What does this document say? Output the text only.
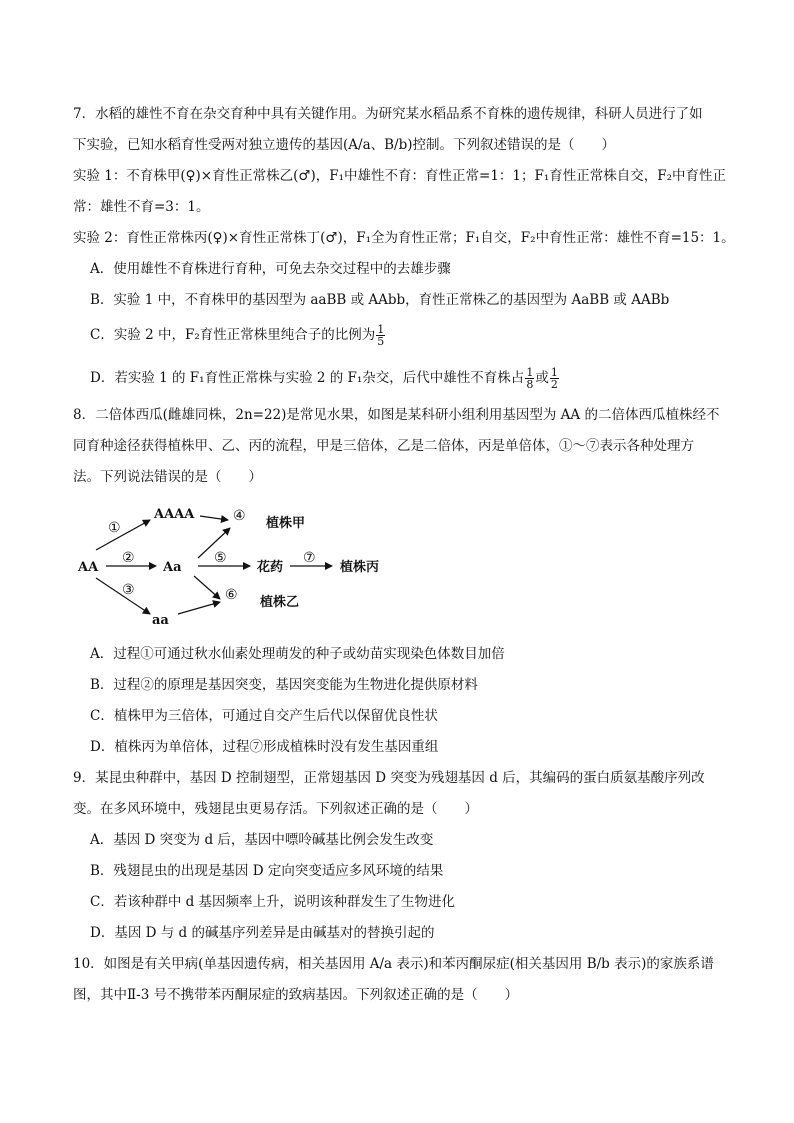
7．水稻的雄性不育在杂交育种中具有关键作用。为研究某水稻品系不育株的遗传规律，科研人员进行了如
下实验，已知水稻育性受两对独立遗传的基因(A/a、B/b)控制。下列叙述错误的是（　　）
实验 1：不育株甲(♀)×育性正常株乙(♂)，F₁中雄性不育：育性正常=1：1；F₁育性正常株自交，F₂中育性正
常：雄性不育=3：1。
实验 2：育性正常株丙(♀)×育性正常株丁(♂)，F₁全为育性正常；F₁自交，F₂中育性正常：雄性不育=15：1。
A．使用雄性不育株进行育种，可免去杂交过程中的去雄步骤
B．实验 1 中，不育株甲的基因型为 aaBB 或 AAbb，育性正常株乙的基因型为 AaBB 或 AABb
C．实验 2 中，F₂育性正常株里纯合子的比例为 $\frac{1}{5}$
D．若实验 1 的 F₁育性正常株与实验 2 的 F₁杂交，后代中雄性不育株占 $\frac{1}{8}$ 或 $\frac{1}{2}$
8．二倍体西瓜(雌雄同株，2n=22)是常见水果，如图是某科研小组利用基因型为 AA 的二倍体西瓜植株经不
同育种途径获得植株甲、乙、丙的流程，甲是三倍体，乙是二倍体，丙是单倍体，①～⑦表示各种处理方
法。下列说法错误的是（　　）
AA
AAAA
Aa
aa
花药
植株甲
植株丙
植株乙
①
②
③
④
⑤
⑥
⑦
A．过程①可通过秋水仙素处理萌发的种子或幼苗实现染色体数目加倍
B．过程②的原理是基因突变，基因突变能为生物进化提供原材料
C．植株甲为三倍体，可通过自交产生后代以保留优良性状
D．植株丙为单倍体，过程⑦形成植株时没有发生基因重组
9．某昆虫种群中，基因 D 控制翅型，正常翅基因 D 突变为残翅基因 d 后，其编码的蛋白质氨基酸序列改
变。在多风环境中，残翅昆虫更易存活。下列叙述正确的是（　　）
A．基因 D 突变为 d 后，基因中嘌呤碱基比例会发生改变
B．残翅昆虫的出现是基因 D 定向突变适应多风环境的结果
C．若该种群中 d 基因频率上升，说明该种群发生了生物进化
D．基因 D 与 d 的碱基序列差异是由碱基对的替换引起的
10．如图是有关甲病(单基因遗传病，相关基因用 A/a 表示)和苯丙酮尿症(相关基因用 B/b 表示)的家族系谱
图，其中Ⅱ-3 号不携带苯丙酮尿症的致病基因。下列叙述正确的是（　　）
